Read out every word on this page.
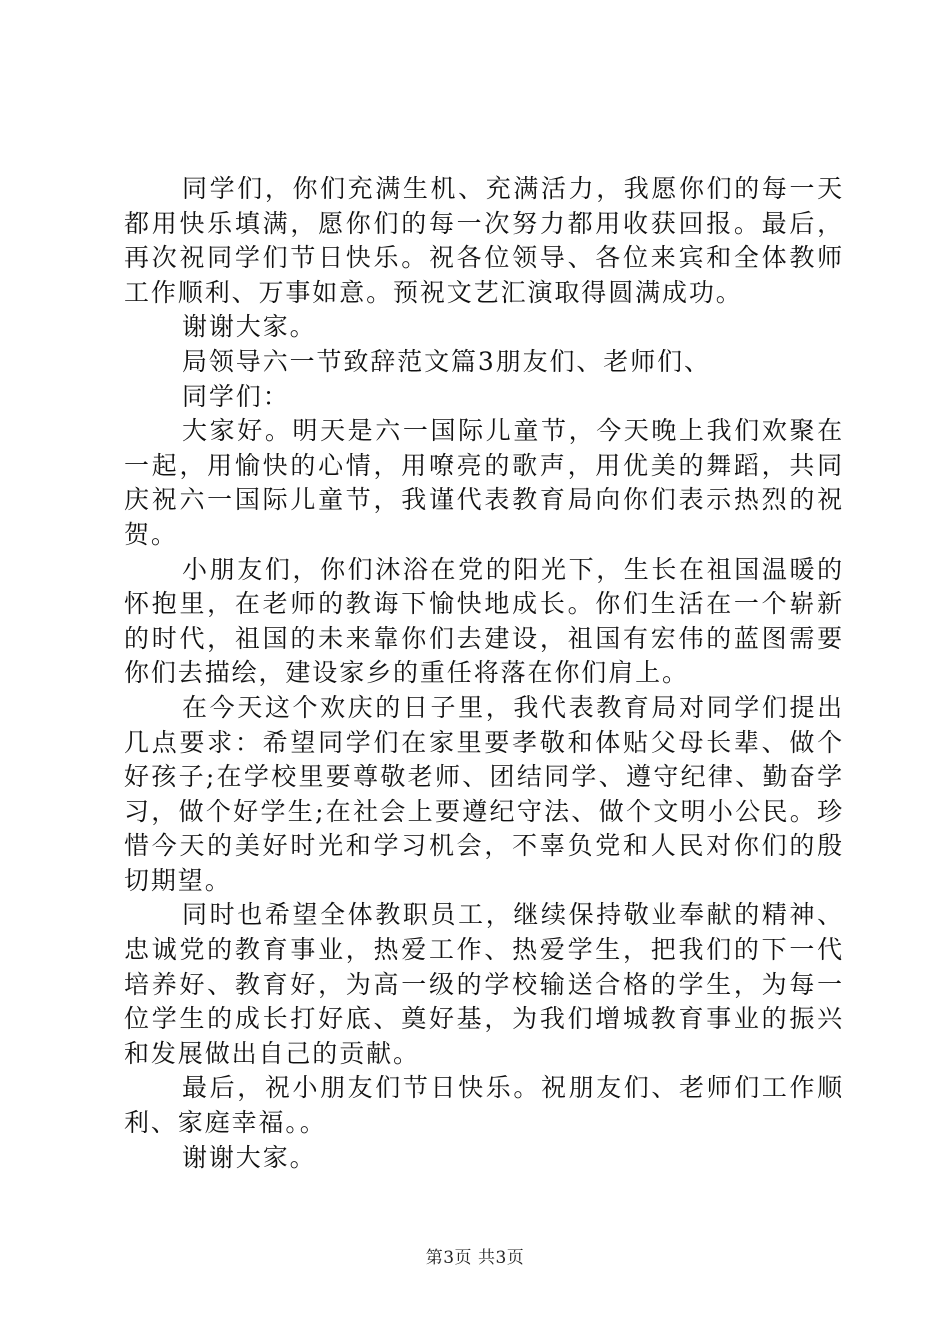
同学们，你们充满生机、充满活力，我愿你们的每一天都用快乐填满，愿你们的每一次努力都用收获回报。最后，再次祝同学们节日快乐。祝各位领导、各位来宾和全体教师工作顺利、万事如意。预祝文艺汇演取得圆满成功。

谢谢大家。

局领导六一节致辞范文篇3朋友们、老师们、

同学们：

大家好。明天是六一国际儿童节，今天晚上我们欢聚在一起，用愉快的心情，用嘹亮的歌声，用优美的舞蹈，共同庆祝六一国际儿童节，我谨代表教育局向你们表示热烈的祝贺。

小朋友们，你们沐浴在党的阳光下，生长在祖国温暖的怀抱里，在老师的教诲下愉快地成长。你们生活在一个崭新的时代，祖国的未来靠你们去建设，祖国有宏伟的蓝图需要你们去描绘，建设家乡的重任将落在你们肩上。

在今天这个欢庆的日子里，我代表教育局对同学们提出几点要求：希望同学们在家里要孝敬和体贴父母长辈、做个好孩子;在学校里要尊敬老师、团结同学、遵守纪律、勤奋学习，做个好学生;在社会上要遵纪守法、做个文明小公民。珍惜今天的美好时光和学习机会，不辜负党和人民对你们的殷切期望。

同时也希望全体教职员工，继续保持敬业奉献的精神、忠诚党的教育事业，热爱工作、热爱学生，把我们的下一代培养好、教育好，为高一级的学校输送合格的学生，为每一位学生的成长打好底、奠好基，为我们增城教育事业的振兴和发展做出自己的贡献。

最后，祝小朋友们节日快乐。祝朋友们、老师们工作顺利、家庭幸福。。

谢谢大家。

第3页 共3页
